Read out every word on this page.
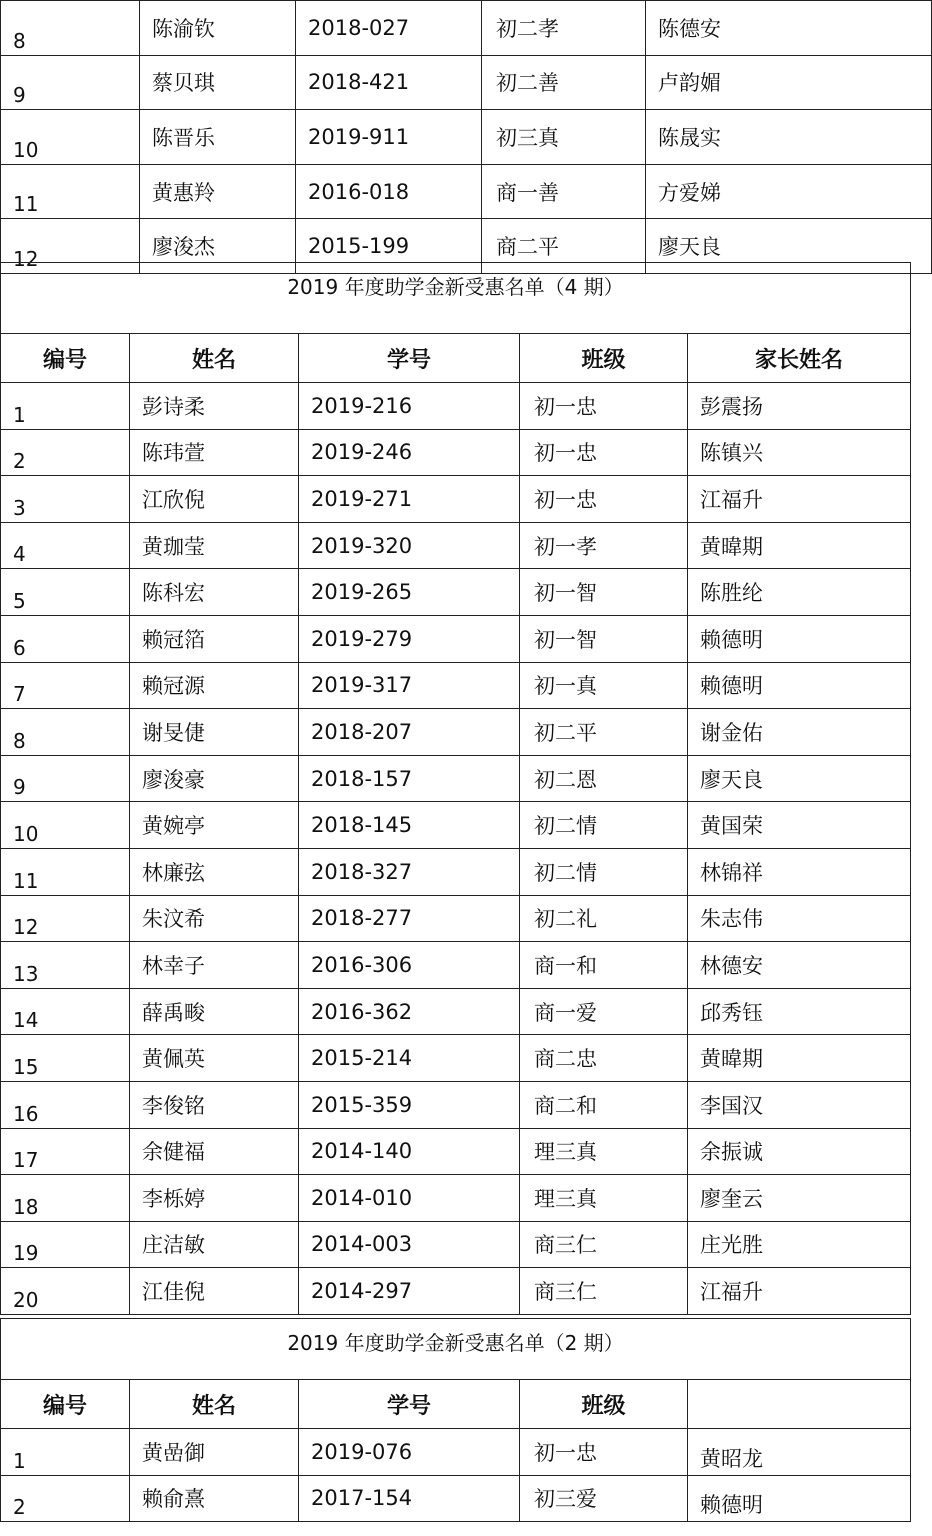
8	陈渝钦	2018-027	初二孝	陈德安
9	蔡贝琪	2018-421	初二善	卢韵媚
10	陈晋乐	2019-911	初三真	陈晟实
11	黄惠羚	2016-018	商一善	方爱娣
12	廖浚杰	2015-199	商二平	廖天良
2019 年度助学金新受惠名单（4 期）				
编号	姓名	学号	班级	家长姓名
1	彭诗柔	2019-216	初一忠	彭震扬
2	陈玮萱	2019-246	初一忠	陈镇兴
3	江欣倪	2019-271	初一忠	江福升
4	黄珈莹	2019-320	初一孝	黄暐期
5	陈科宏	2019-265	初一智	陈胜纶
6	赖冠箔	2019-279	初一智	赖德明
7	赖冠源	2019-317	初一真	赖德明
8	谢旻倢	2018-207	初二平	谢金佑
9	廖浚豪	2018-157	初二恩	廖天良
10	黄婉亭	2018-145	初二情	黄国荣
11	林廉弦	2018-327	初二情	林锦祥
12	朱汶希	2018-277	初二礼	朱志伟
13	林幸子	2016-306	商一和	林德安
14	薛禹畯	2016-362	商一爱	邱秀钰
15	黄佩英	2015-214	商二忠	黄暐期
16	李俊铭	2015-359	商二和	李国汉
17	余健福	2014-140	理三真	余振诚
18	李栎婷	2014-010	理三真	廖奎云
19	庄洁敏	2014-003	商三仁	庄光胜
20	江佳倪	2014-297	商三仁	江福升
2019 年度助学金新受惠名单（2 期）				
编号	姓名	学号	班级	
1	黄嵒御	2019-076	初一忠	黄昭龙
2	赖俞熹	2017-154	初三爱	赖德明
